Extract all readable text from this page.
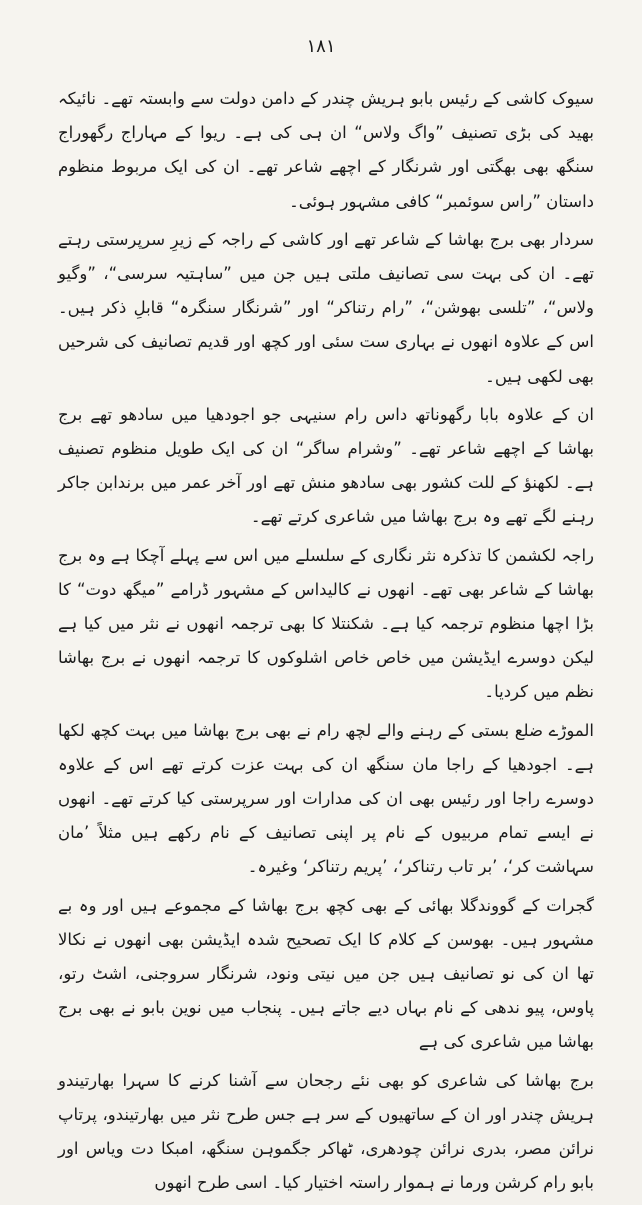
۱۸۱

سیوک کاشی کے رئیس بابو ہریش چندر کے دامن دولت سے وابستہ تھے۔ نائیکہ بھید کی بڑی تصنیف ”واگ ولاس“ ان ہی کی ہے۔ ریوا کے مہاراج رگھوراج سنگھ بھی بھگتی اور شرنگار کے اچھے شاعر تھے۔ ان کی ایک مربوط منظوم داستان ”راس سوئمبر“ کافی مشہور ہوئی۔

سردار بھی برج بھاشا کے شاعر تھے اور کاشی کے راجہ کے زیرِ سرپرستی رہتے تھے۔ ان کی بہت سی تصانیف ملتی ہیں جن میں ”ساہتیہ سرسی“، ”وگیو ولاس“، ”تلسی بھوشن“، ”رام رتناکر“ اور ”شرنگار سنگرہ“ قابلِ ذکر ہیں۔ اس کے علاوہ انھوں نے بہاری ست سئی اور کچھ اور قدیم تصانیف کی شرحیں بھی لکھی ہیں۔

ان کے علاوہ بابا رگھوناتھ داس رام سنیہی جو اجودھیا میں سادھو تھے برج بھاشا کے اچھے شاعر تھے۔ ”وشرام ساگر“ ان کی ایک طویل منظوم تصنیف ہے۔ لکھنؤ کے للت کشور بھی سادھو منش تھے اور آخر عمر میں برندابن جاکر رہنے لگے تھے وہ برج بھاشا میں شاعری کرتے تھے۔

راجہ لکشمن کا تذکرہ نثر نگاری کے سلسلے میں اس سے پہلے آچکا ہے وہ برج بھاشا کے شاعر بھی تھے۔ انھوں نے کالیداس کے مشہور ڈرامے ”میگھ دوت“ کا بڑا اچھا منظوم ترجمہ کیا ہے۔ شکنتلا کا بھی ترجمہ انھوں نے نثر میں کیا ہے لیکن دوسرے ایڈیشن میں خاص خاص اشلوکوں کا ترجمہ انھوں نے برج بھاشا نظم میں کردیا۔

الموڑے ضلع بستی کے رہنے والے لچھ رام نے بھی برج بھاشا میں بہت کچھ لکھا ہے۔ اجودھیا کے راجا مان سنگھ ان کی بہت عزت کرتے تھے اس کے علاوہ دوسرے راجا اور رئیس بھی ان کی مدارات اور سرپرستی کیا کرتے تھے۔ انھوں نے ایسے تمام مربیوں کے نام پر اپنی تصانیف کے نام رکھے ہیں مثلاً ’مان سہاشت کر‘، ’بر تاب رتناکر‘، ’پریم رتناکر‘ وغیرہ۔

گجرات کے گووندگلا بھائی کے بھی کچھ برج بھاشا کے مجموعے ہیں اور وہ بے مشہور ہیں۔ بھوسن کے کلام کا ایک تصحیح شدہ ایڈیشن بھی انھوں نے نکالا تھا ان کی نو تصانیف ہیں جن میں نیتی ونود، شرنگار سروجنی، اشٹ رتو، پاوس، پیو ندھی کے نام بہاں دیے جاتے ہیں۔ پنجاب میں نوین بابو نے بھی برج بھاشا میں شاعری کی ہے

برج بھاشا کی شاعری کو بھی نئے رجحان سے آشنا کرنے کا سہرا بھارتیندو ہریش چندر اور ان کے ساتھیوں کے سر ہے جس طرح نثر میں بھارتیندو، پرتاپ نرائن مصر، بدری نرائن چودھری، ٹھاکر جگموہن سنگھ، امبکا دت ویاس اور بابو رام کرشن ورما نے ہموار راستہ اختیار کیا۔ اسی طرح انھوں
